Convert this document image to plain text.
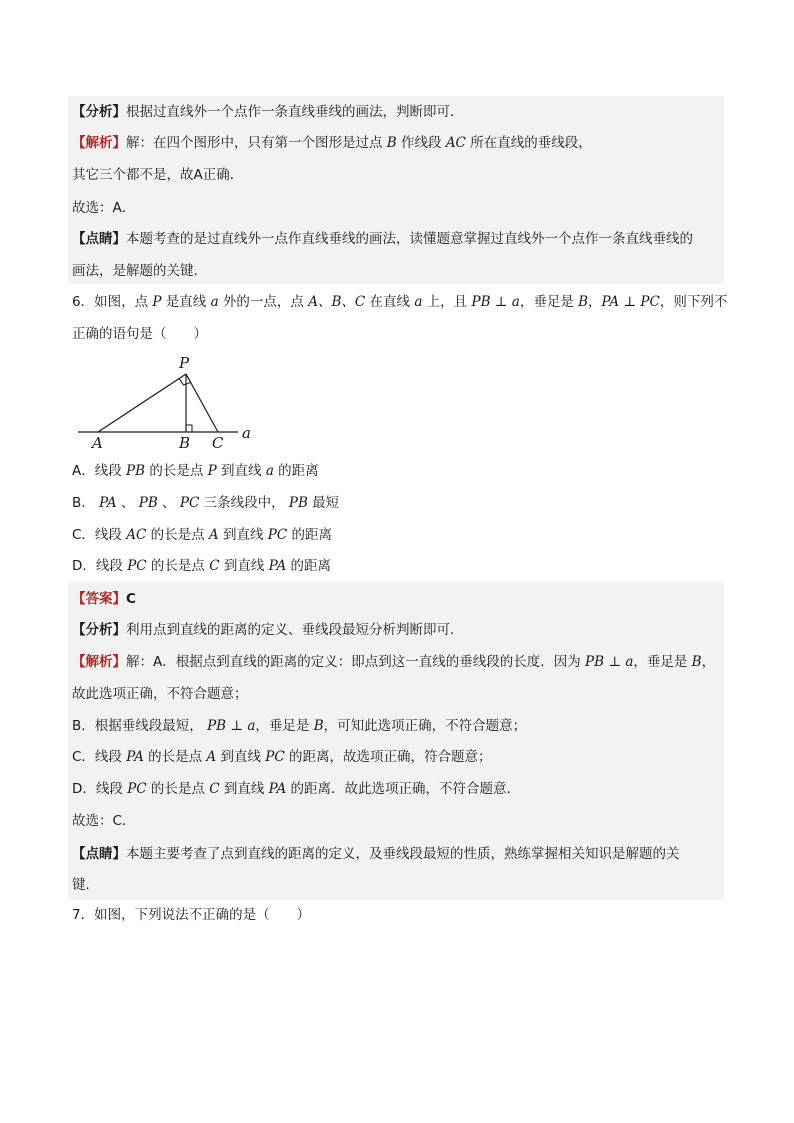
【分析】根据过直线外一个点作一条直线垂线的画法，判断即可．
【解析】解：在四个图形中，只有第一个图形是过点 B 作线段 AC 所在直线的垂线段，
其它三个都不是，故A正确．
故选：A．
【点睛】本题考查的是过直线外一点作直线垂线的画法，读懂题意掌握过直线外一个点作一条直线垂线的
画法，是解题的关键.
6．如图，点 P 是直线 a 外的一点，点 A、B、C 在直线 a 上，且 PB ⊥ a，垂足是 B，PA ⊥ PC，则下列不
正确的语句是（　　）
P
A	B C
a
A．线段 PB 的长是点 P 到直线 a 的距离
B． PA 、 PB 、 PC 三条线段中， PB 最短
C．线段 AC 的长是点 A 到直线 PC 的距离
D．线段 PC 的长是点 C 到直线 PA 的距离
【答案】C
【分析】利用点到直线的距离的定义、垂线段最短分析判断即可．
【解析】解：A．根据点到直线的距离的定义：即点到这一直线的垂线段的长度．因为 PB ⊥ a，垂足是 B，
故此选项正确，不符合题意；
B．根据垂线段最短， PB ⊥ a，垂足是 B，可知此选项正确，不符合题意；
C．线段 PA 的长是点 A 到直线 PC 的距离，故选项正确，符合题意；
D．线段 PC 的长是点 C 到直线 PA 的距离．故此选项正确，不符合题意．
故选：C．
【点睛】本题主要考查了点到直线的距离的定义，及垂线段最短的性质，熟练掌握相关知识是解题的关
键．
7．如图，下列说法不正确的是（　　）
